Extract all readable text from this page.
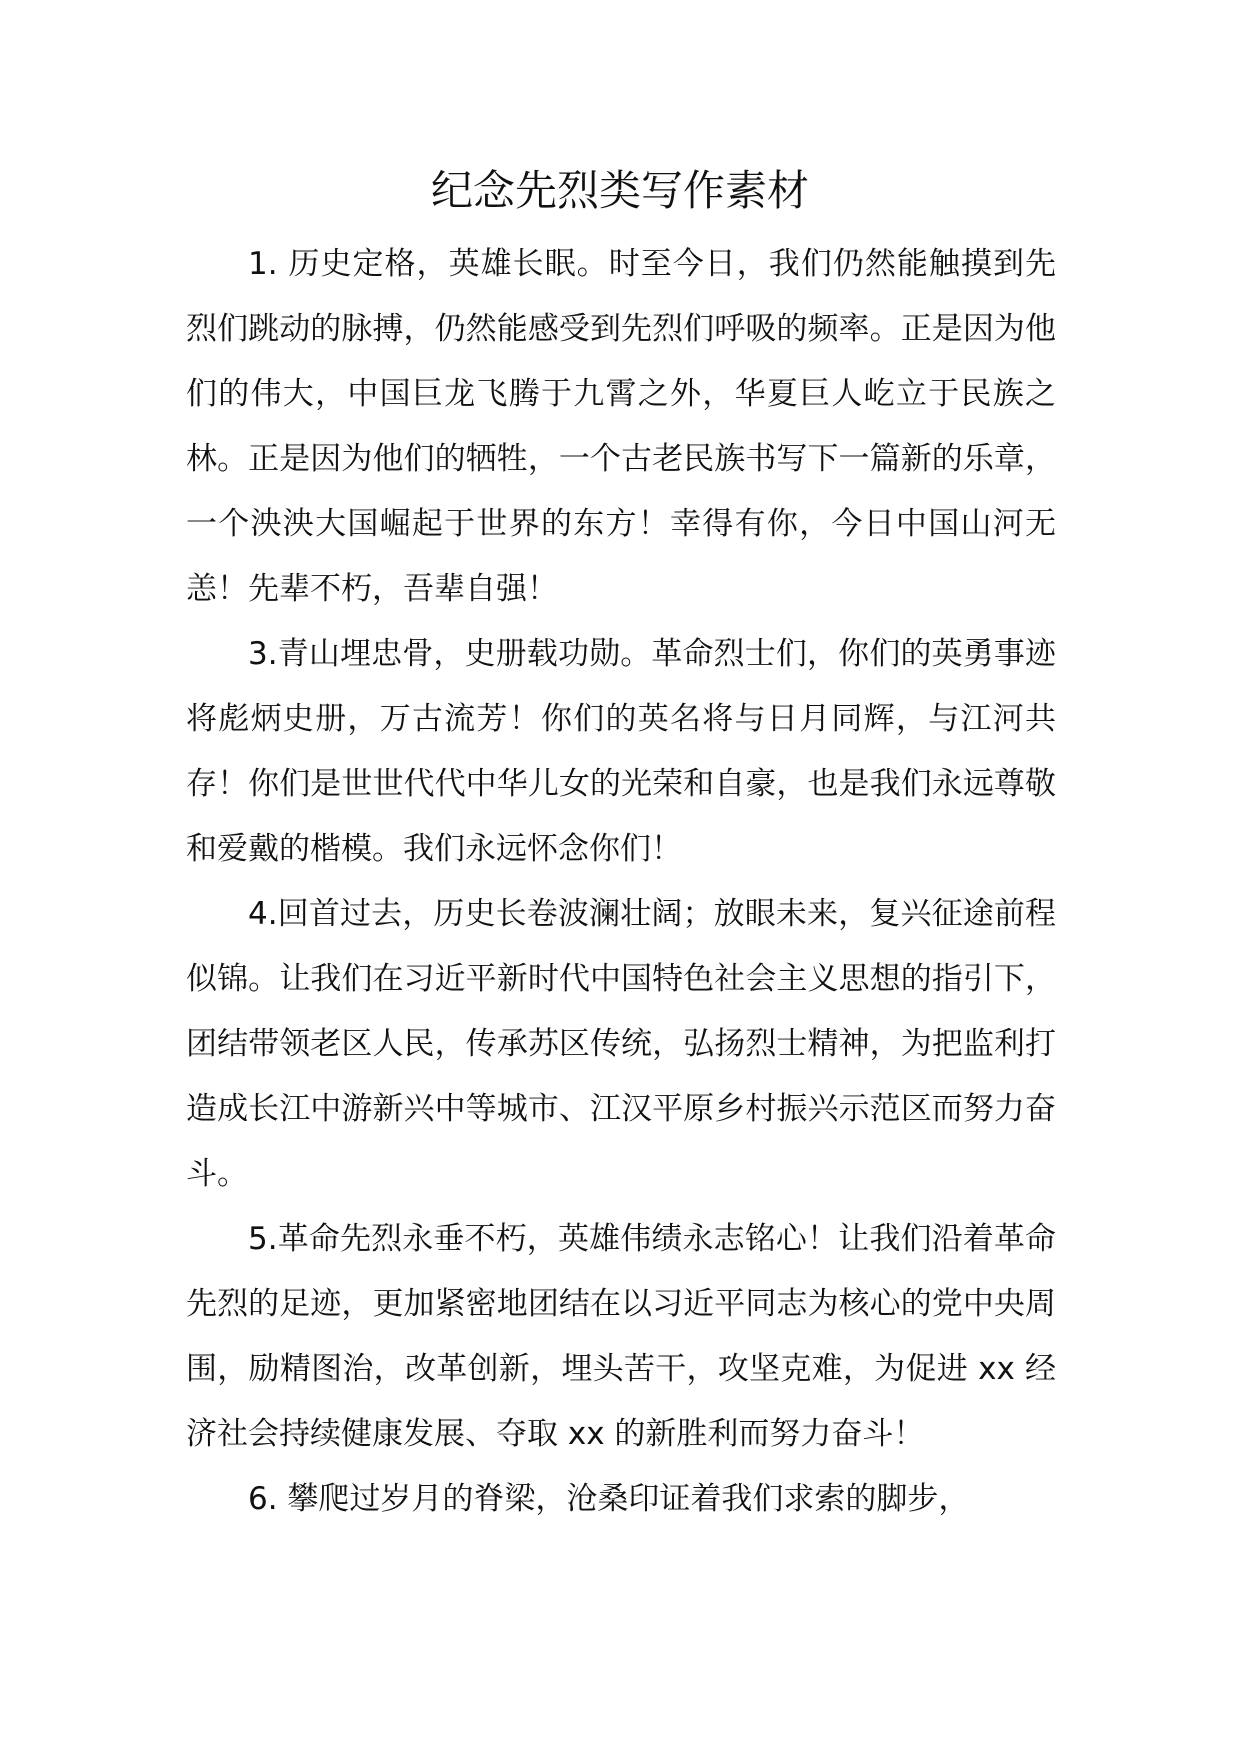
纪念先烈类写作素材

1. 历史定格，英雄长眠。时至今日，我们仍然能触摸到先烈们跳动的脉搏，仍然能感受到先烈们呼吸的频率。正是因为他们的伟大，中国巨龙飞腾于九霄之外，华夏巨人屹立于民族之林。正是因为他们的牺牲，一个古老民族书写下一篇新的乐章，一个泱泱大国崛起于世界的东方！幸得有你，今日中国山河无恙！先辈不朽，吾辈自强！

3.青山埋忠骨，史册载功勋。革命烈士们，你们的英勇事迹将彪炳史册，万古流芳！你们的英名将与日月同辉，与江河共存！你们是世世代代中华儿女的光荣和自豪，也是我们永远尊敬和爱戴的楷模。我们永远怀念你们！

4.回首过去，历史长卷波澜壮阔；放眼未来，复兴征途前程似锦。让我们在习近平新时代中国特色社会主义思想的指引下，团结带领老区人民，传承苏区传统，弘扬烈士精神，为把监利打造成长江中游新兴中等城市、江汉平原乡村振兴示范区而努力奋斗。

5.革命先烈永垂不朽，英雄伟绩永志铭心！让我们沿着革命先烈的足迹，更加紧密地团结在以习近平同志为核心的党中央周围，励精图治，改革创新，埋头苦干，攻坚克难，为促进 xx 经济社会持续健康发展、夺取 xx 的新胜利而努力奋斗！

6. 攀爬过岁月的脊梁，沧桑印证着我们求索的脚步，
